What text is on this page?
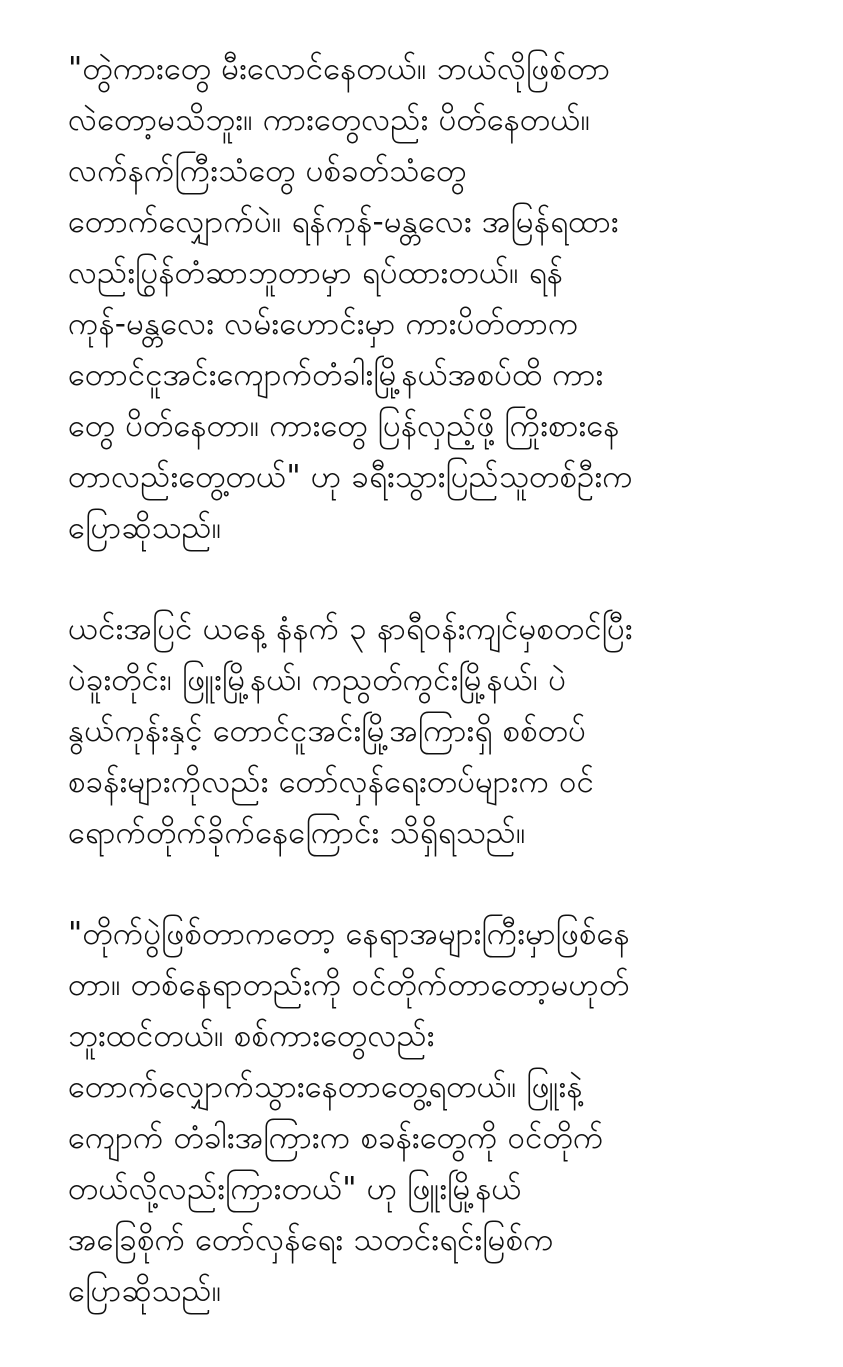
"တွဲကားတွေ မီးလောင်နေတယ်။ ဘယ်လိုဖြစ်တာ
လဲတော့မသိဘူး။ ကားတွေလည်း ပိတ်နေတယ်။
လက်နက်ကြီးသံတွေ ပစ်ခတ်သံတွေ
တောက်လျှောက်ပဲ။ ရန်ကုန်-မန္တလေး အမြန်ရထား
လည်းပြွန်တံဆာဘူတာမှာ ရပ်ထားတယ်။ ရန်
ကုန်-မန္တလေး လမ်းဟောင်းမှာ ကားပိတ်တာက
တောင်ငူအင်းကျောက်တံခါးမြို့နယ်အစပ်ထိ ကား
တွေ ပိတ်နေတာ။ ကားတွေ ပြန်လှည့်ဖို့ ကြိုးစားနေ
တာလည်းတွေ့တယ်" ဟု ခရီးသွားပြည်သူတစ်ဦးက
ပြောဆိုသည်။
ယင်းအပြင် ယနေ့ နံနက် ၃ နာရီဝန်းကျင်မှစတင်ပြီး
ပဲခူးတိုင်း၊ ဖြူးမြို့နယ်၊ ကညွတ်ကွင်းမြို့နယ်၊ ပဲ
နွယ်ကုန်းနှင့် တောင်ငူအင်းမြို့အကြားရှိ စစ်တပ်
စခန်းများကိုလည်း တော်လှန်ရေးတပ်များက ဝင်
ရောက်တိုက်ခိုက်နေကြောင်း သိရှိရသည်။
"တိုက်ပွဲဖြစ်တာကတော့ နေရာအများကြီးမှာဖြစ်နေ
တာ။ တစ်နေရာတည်းကို ဝင်တိုက်တာတော့မဟုတ်
ဘူးထင်တယ်။ စစ်ကားတွေလည်း
တောက်လျှောက်သွားနေတာတွေ့ရတယ်။ ဖြူးနဲ့
ကျောက် တံခါးအကြားက စခန်းတွေကို ဝင်တိုက်
တယ်လို့လည်းကြားတယ်" ဟု ဖြူးမြို့နယ်
အခြေစိုက် တော်လှန်ရေး သတင်းရင်းမြစ်က
ပြောဆိုသည်။
